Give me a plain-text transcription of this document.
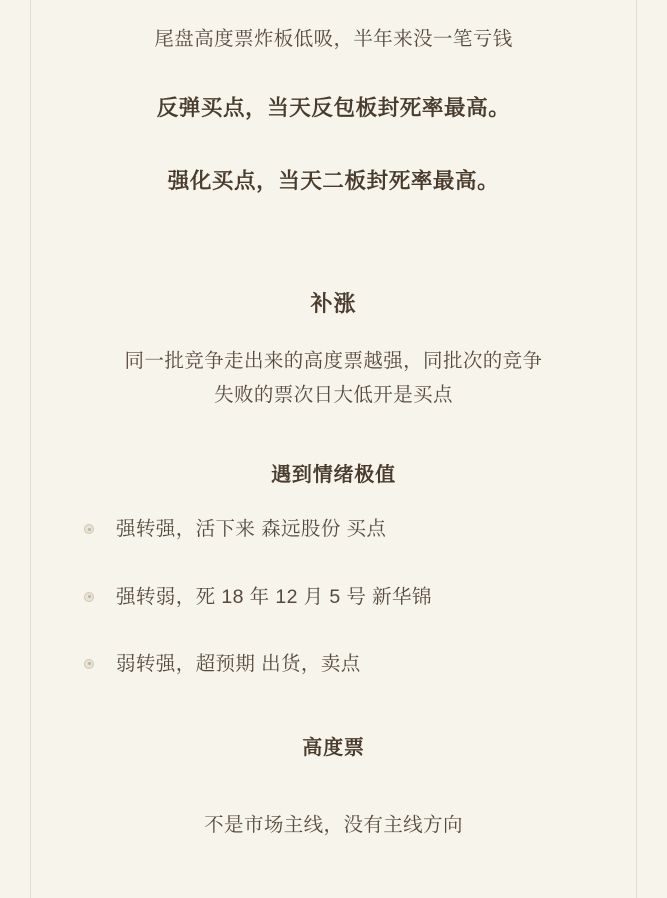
尾盘高度票炸板低吸，半年来没一笔亏钱

反弹买点，当天反包板封死率最高。

强化买点，当天二板封死率最高。

补涨

同一批竞争走出来的高度票越强，同批次的竞争

失败的票次日大低开是买点

遇到情绪极值
强转强，活下来 森远股份 买点
强转弱，死 18 年 12 月 5 号 新华锦
弱转强，超预期 出货，卖点
高度票

不是市场主线，没有主线方向
